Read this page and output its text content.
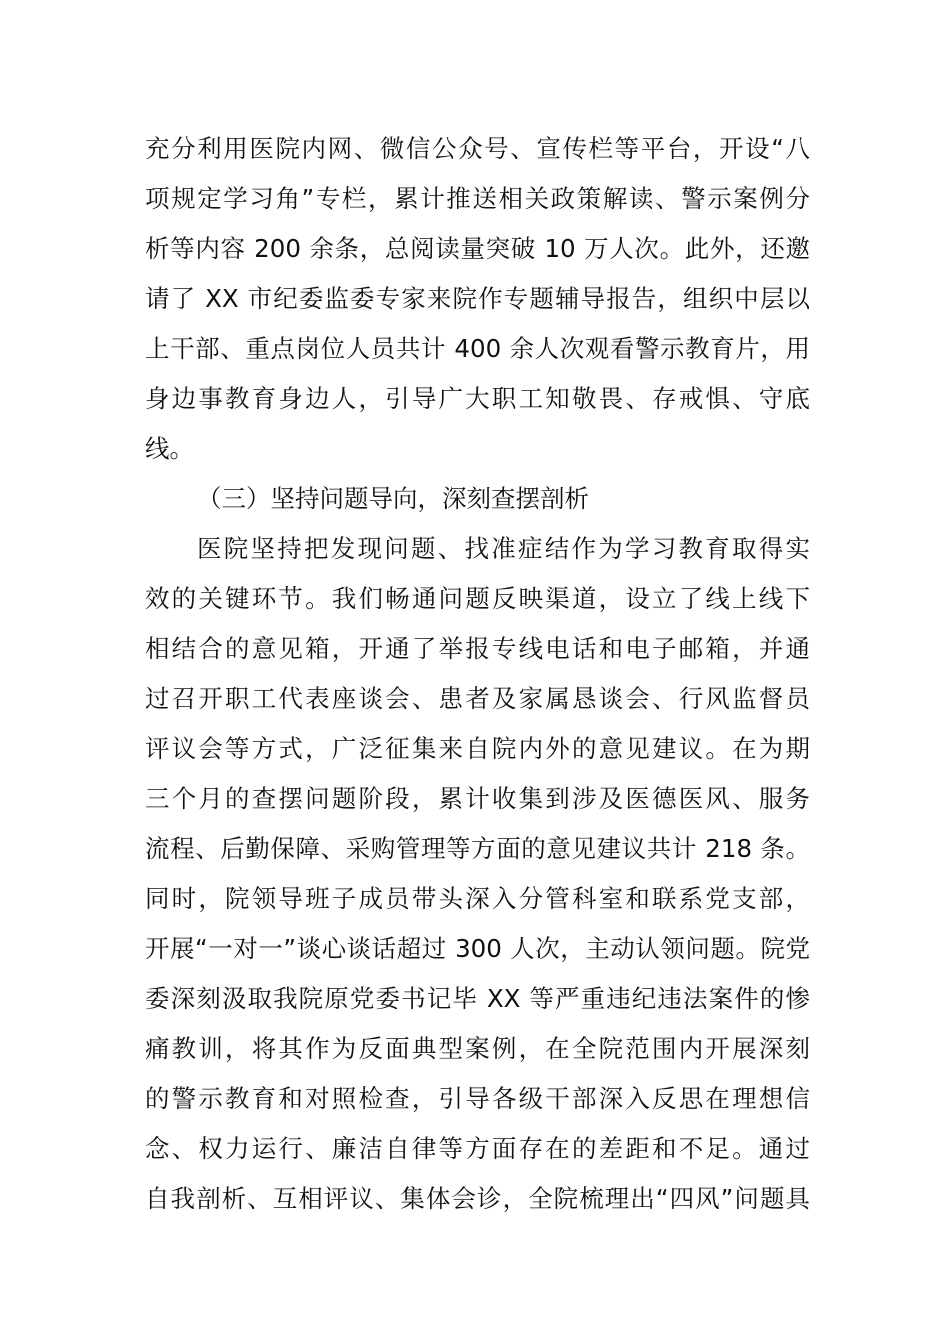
充分利用医院内网、微信公众号、宣传栏等平台，开设“八
项规定学习角”专栏，累计推送相关政策解读、警示案例分
析等内容 200 余条，总阅读量突破 10 万人次。此外，还邀
请了 XX 市纪委监委专家来院作专题辅导报告，组织中层以
上干部、重点岗位人员共计 400 余人次观看警示教育片，用
身边事教育身边人，引导广大职工知敬畏、存戒惧、守底
线。
（三）坚持问题导向，深刻查摆剖析
医院坚持把发现问题、找准症结作为学习教育取得实
效的关键环节。我们畅通问题反映渠道，设立了线上线下
相结合的意见箱，开通了举报专线电话和电子邮箱，并通
过召开职工代表座谈会、患者及家属恳谈会、行风监督员
评议会等方式，广泛征集来自院内外的意见建议。在为期
三个月的查摆问题阶段，累计收集到涉及医德医风、服务
流程、后勤保障、采购管理等方面的意见建议共计 218 条。
同时，院领导班子成员带头深入分管科室和联系党支部，
开展“一对一”谈心谈话超过 300 人次，主动认领问题。院党
委深刻汲取我院原党委书记毕 XX 等严重违纪违法案件的惨
痛教训，将其作为反面典型案例，在全院范围内开展深刻
的警示教育和对照检查，引导各级干部深入反思在理想信
念、权力运行、廉洁自律等方面存在的差距和不足。通过
自我剖析、互相评议、集体会诊，全院梳理出“四风”问题具
